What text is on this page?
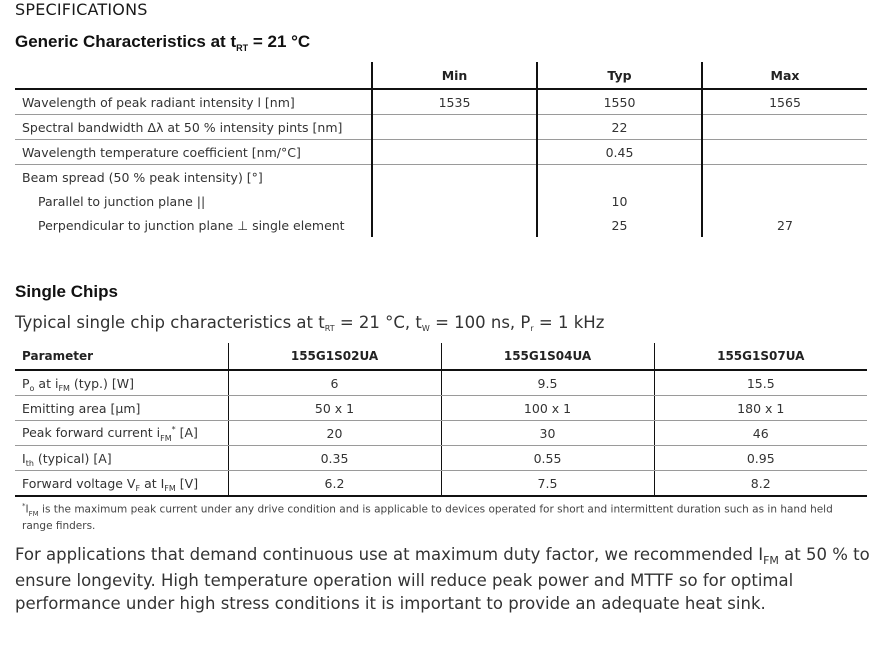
SPECIFICATIONS
Generic Characteristics at $t_{RT} = 21$ °C
	Min	Typ	Max
Wavelength of peak radiant intensity l [nm]	1535	1550	1565
Spectral bandwidth Δλ at 50 % intensity pints [nm]		22	
Wavelength temperature coefficient [nm/°C]		0.45	
Beam spread (50 % peak intensity) [°]			
Parallel to junction plane ||		10	
Perpendicular to junction plane ⊥ single element		25	27
Single Chips
Typical single chip characteristics at tRT = 21 °C, tW = 100 ns, Pr = 1 kHz
Parameter	155G1S02UA	155G1S04UA	155G1S07UA
$P_o$ at $i_{FM}$ (typ.) [W]	6	9.5	15.5
Emitting area [µm]	50 x 1	100 x 1	180 x 1
Peak forward current $i_{FM}^*$ [A]	20	30	46
$I_{th}$ (typical) [A]	0.35	0.55	0.95
Forward voltage $V_F$ at $I_{FM}$ [V]	6.2	7.5	8.2
$^*I_{FM}$ is the maximum peak current under any drive condition and is applicable to devices operated for short and intermittent duration such as in hand held range finders.
For applications that demand continuous use at maximum duty factor, we recommended $I_{FM}$ at 50 % to ensure longevity. High temperature operation will reduce peak power and MTTF so for optimal performance under high stress conditions it is important to provide an adequate heat sink.
